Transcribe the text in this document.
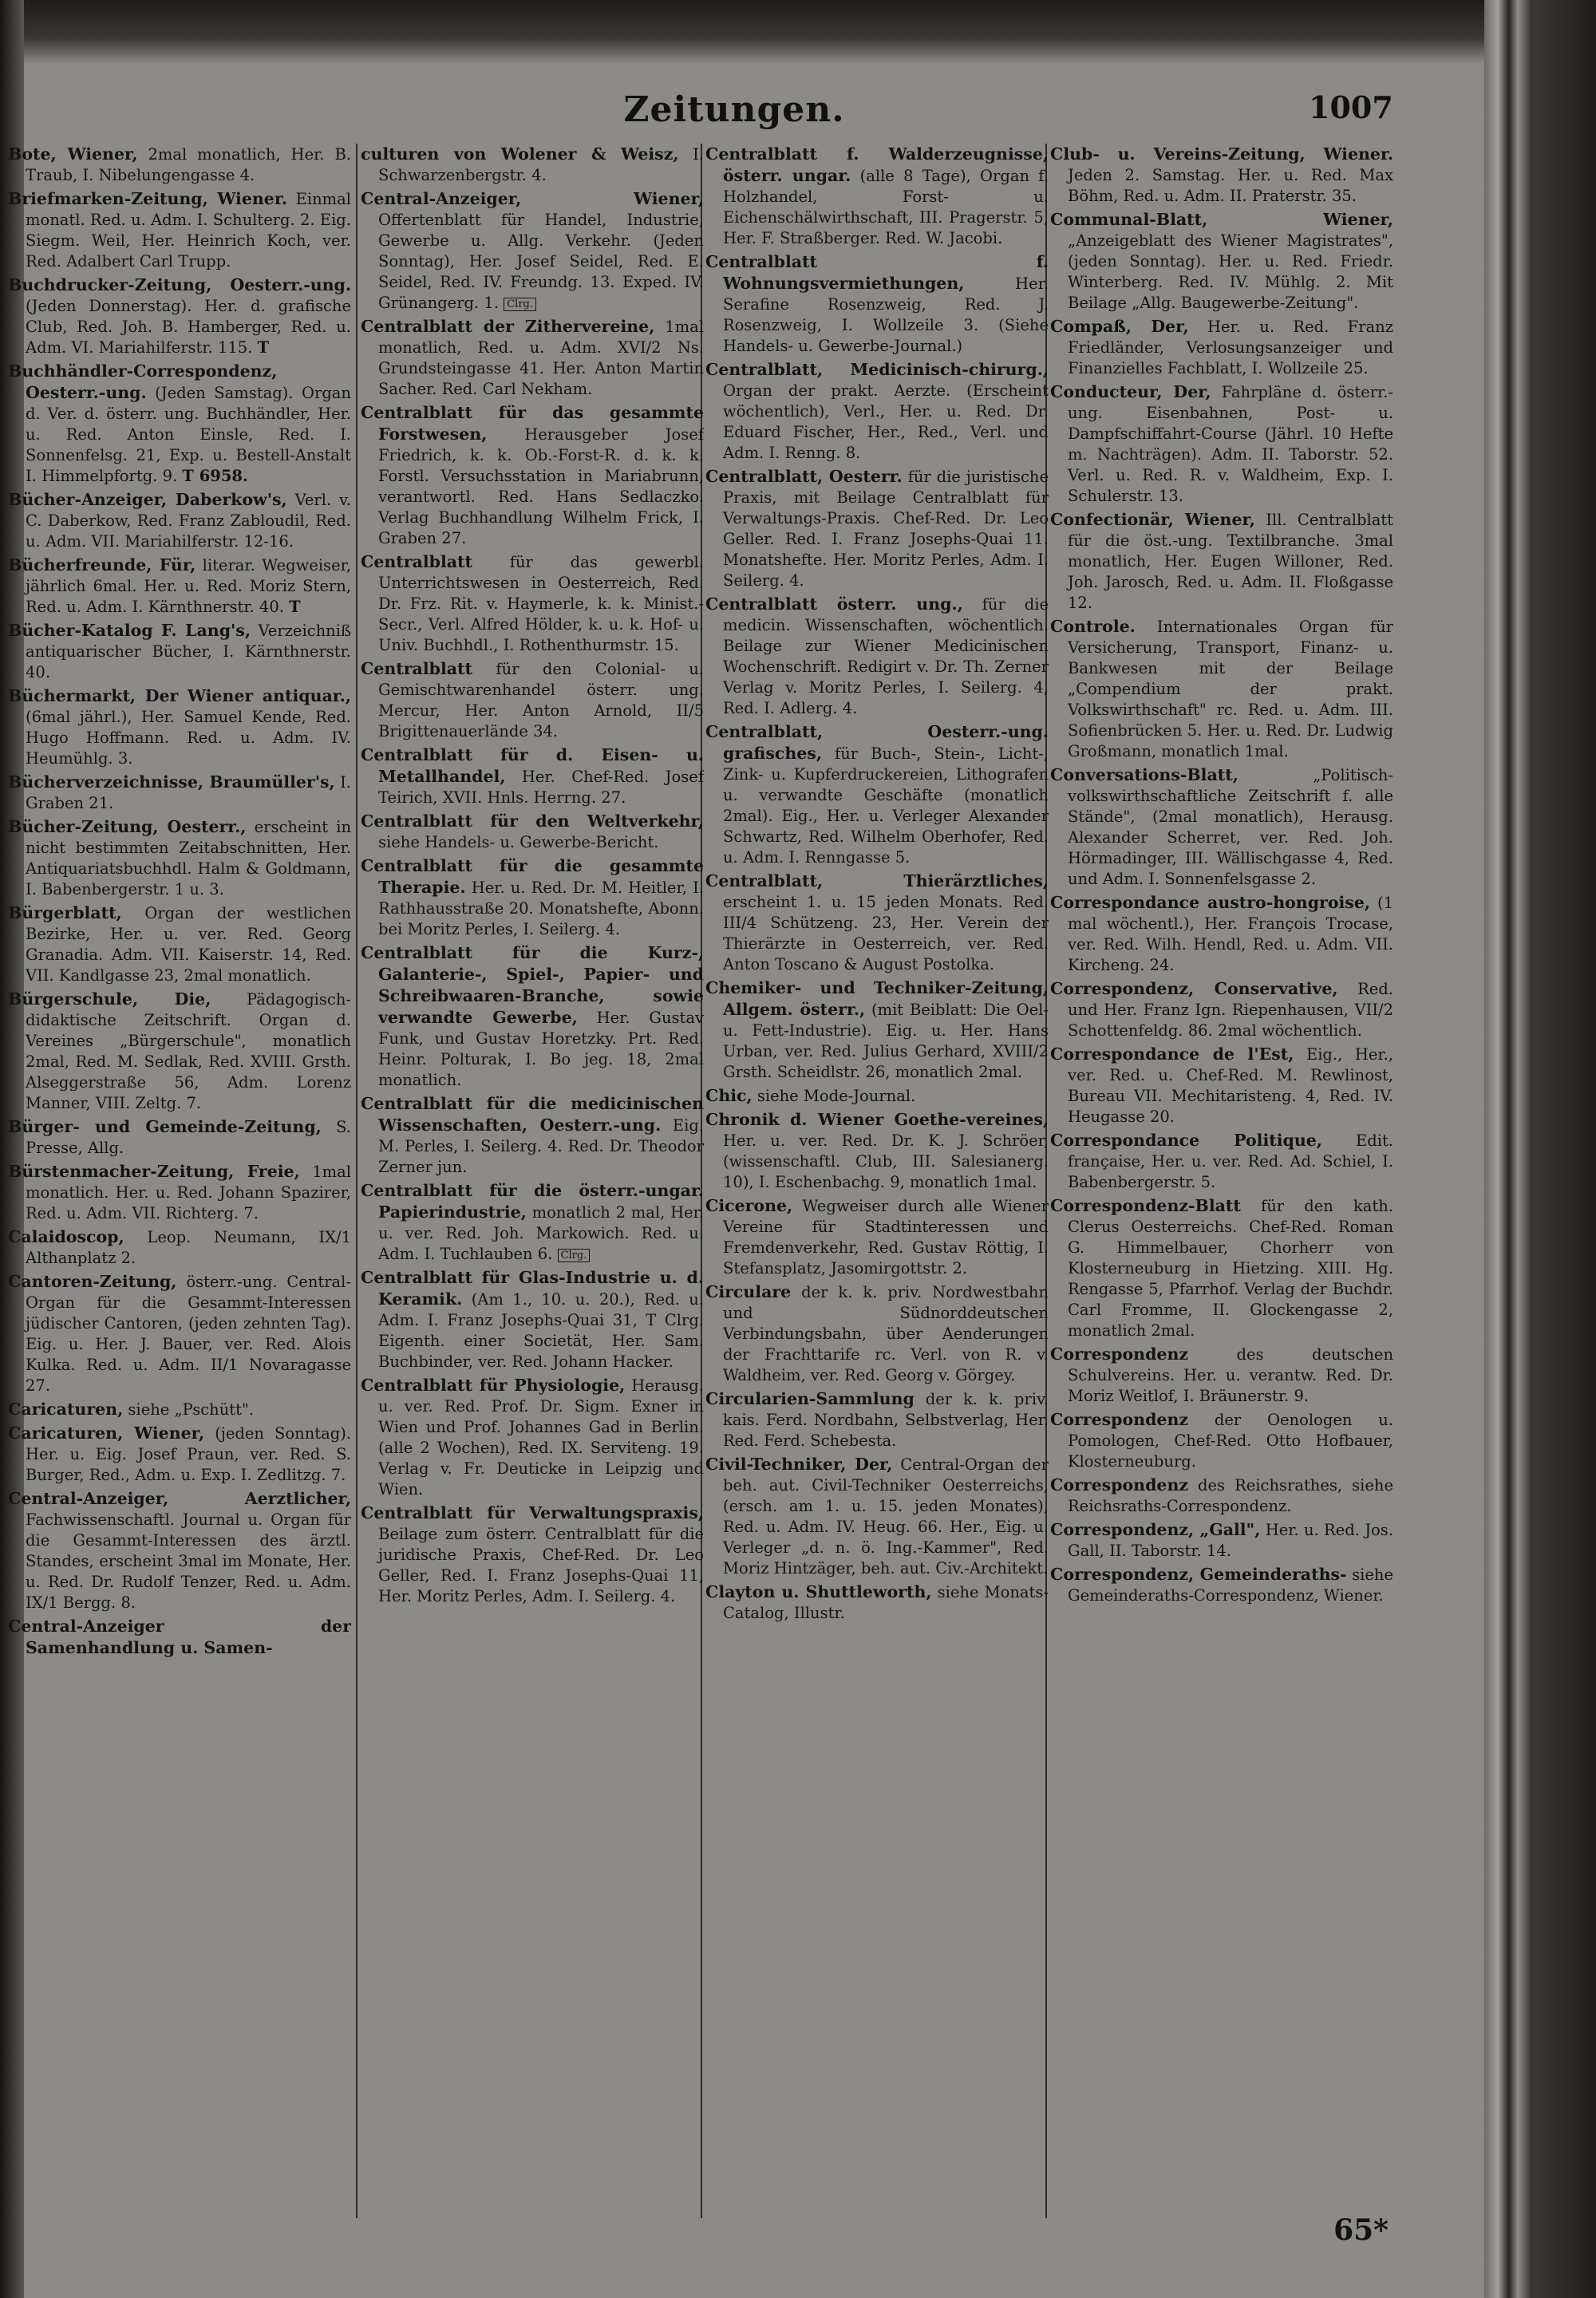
Zeitungen.	1007

Bote, Wiener, 2mal monatlich, Her. B. Traub, I. Nibelungengasse 4.

Briefmarken-Zeitung, Wiener. Einmal monatl. Red. u. Adm. I. Schulterg. 2. Eig. Siegm. Weil, Her. Heinrich Koch, ver. Red. Adalbert Carl Trupp.

Buchdrucker-Zeitung, Oesterr.-ung. (Jeden Donnerstag). Her. d. grafische Club, Red. Joh. B. Hamberger, Red. u. Adm. VI. Mariahilferstr. 115. T

Buchhändler-Correspondenz, Oesterr.-ung. (Jeden Samstag). Organ d. Ver. d. österr. ung. Buchhändler, Her. u. Red. Anton Einsle, Red. I. Sonnenfelsg. 21, Exp. u. Bestell-Anstalt I. Himmelpfortg. 9. T 6958.

Bücher-Anzeiger, Daberkow's, Verl. v. C. Daberkow, Red. Franz Zabloudil, Red. u. Adm. VII. Mariahilferstr. 12-16.

Bücherfreunde, Für, literar. Wegweiser, jährlich 6mal. Her. u. Red. Moriz Stern, Red. u. Adm. I. Kärnthnerstr. 40. T

Bücher-Katalog F. Lang's, Verzeichniß antiquarischer Bücher, I. Kärnthnerstr. 40.

Büchermarkt, Der Wiener antiquar., (6mal jährl.), Her. Samuel Kende, Red. Hugo Hoffmann. Red. u. Adm. IV. Heumühlg. 3.

Bücherverzeichnisse, Braumüller's, I. Graben 21.

Bücher-Zeitung, Oesterr., erscheint in nicht bestimmten Zeitabschnitten, Her. Antiquariatsbuchhdl. Halm & Goldmann, I. Babenbergerstr. 1 u. 3.

Bürgerblatt, Organ der westlichen Bezirke, Her. u. ver. Red. Georg Granadia. Adm. VII. Kaiserstr. 14, Red. VII. Kandlgasse 23, 2mal monatlich.

Bürgerschule, Die, Pädagogisch-didaktische Zeitschrift. Organ d. Vereines „Bürgerschule", monatlich 2mal, Red. M. Sedlak, Red. XVIII. Grsth. Alseggerstraße 56, Adm. Lorenz Manner, VIII. Zeltg. 7.

Bürger- und Gemeinde-Zeitung, S. Presse, Allg.

Bürstenmacher-Zeitung, Freie, 1mal monatlich. Her. u. Red. Johann Spazirer, Red. u. Adm. VII. Richterg. 7.

Calaidoscop, Leop. Neumann, IX/1 Althanplatz 2.

Cantoren-Zeitung, österr.-ung. Central-Organ für die Gesammt-Interessen jüdischer Cantoren, (jeden zehnten Tag). Eig. u. Her. J. Bauer, ver. Red. Alois Kulka. Red. u. Adm. II/1 Novaragasse 27.

Caricaturen, siehe „Pschütt".

Caricaturen, Wiener, (jeden Sonntag). Her. u. Eig. Josef Praun, ver. Red. S. Burger, Red., Adm. u. Exp. I. Zedlitzg. 7.

Central-Anzeiger, Aerztlicher, Fachwissenschaftl. Journal u. Organ für die Gesammt-Interessen des ärztl. Standes, erscheint 3mal im Monate, Her. u. Red. Dr. Rudolf Tenzer, Red. u. Adm. IX/1 Bergg. 8.

Central-Anzeiger der Samenhandlung u. Samen-

culturen von Wolener & Weisz, I. Schwarzenbergstr. 4.

Central-Anzeiger, Wiener, Offertenblatt für Handel, Industrie, Gewerbe u. Allg. Verkehr. (Jeden Sonntag), Her. Josef Seidel, Red. E. Seidel, Red. IV. Freundg. 13. Exped. IV. Grünangerg. 1. Clrg.

Centralblatt der Zithervereine, 1mal monatlich, Red. u. Adm. XVI/2 Ns. Grundsteingasse 41. Her. Anton Martin Sacher. Red. Carl Nekham.

Centralblatt für das gesammte Forstwesen, Herausgeber Josef Friedrich, k. k. Ob.-Forst-R. d. k. k. Forstl. Versuchsstation in Mariabrunn, verantwortl. Red. Hans Sedlaczko. Verlag Buchhandlung Wilhelm Frick, I. Graben 27.

Centralblatt für das gewerbl. Unterrichtswesen in Oesterreich, Red. Dr. Frz. Rit. v. Haymerle, k. k. Minist.-Secr., Verl. Alfred Hölder, k. u. k. Hof- u. Univ. Buchhdl., I. Rothenthurmstr. 15.

Centralblatt für den Colonial- u. Gemischtwarenhandel österr. ung. Mercur, Her. Anton Arnold, II/5 Brigittenauerlände 34.

Centralblatt für d. Eisen- u. Metallhandel, Her. Chef-Red. Josef Teirich, XVII. Hnls. Herrng. 27.

Centralblatt für den Weltverkehr, siehe Handels- u. Gewerbe-Bericht.

Centralblatt für die gesammte Therapie. Her. u. Red. Dr. M. Heitler, I. Rathhausstraße 20. Monatshefte, Abonn. bei Moritz Perles, I. Seilerg. 4.

Centralblatt für die Kurz-, Galanterie-, Spiel-, Papier- und Schreibwaaren-Branche, sowie verwandte Gewerbe, Her. Gustav Funk, und Gustav Horetzky. Prt. Red. Heinr. Polturak, I. Bo jeg. 18, 2mal monatlich.

Centralblatt für die medicinischen Wissenschaften, Oesterr.-ung. Eig. M. Perles, I. Seilerg. 4. Red. Dr. Theodor Zerner jun.

Centralblatt für die österr.-ungar. Papierindustrie, monatlich 2 mal, Her. u. ver. Red. Joh. Markowich. Red. u. Adm. I. Tuchlauben 6. Clrg.

Centralblatt für Glas-Industrie u. d. Keramik. (Am 1., 10. u. 20.), Red. u. Adm. I. Franz Josephs-Quai 31, T Clrg. Eigenth. einer Societät, Her. Sam. Buchbinder, ver. Red. Johann Hacker.

Centralblatt für Physiologie, Herausg. u. ver. Red. Prof. Dr. Sigm. Exner in Wien und Prof. Johannes Gad in Berlin. (alle 2 Wochen), Red. IX. Serviteng. 19. Verlag v. Fr. Deuticke in Leipzig und Wien.

Centralblatt für Verwaltungspraxis, Beilage zum österr. Centralblatt für die juridische Praxis, Chef-Red. Dr. Leo Geller, Red. I. Franz Josephs-Quai 11, Her. Moritz Perles, Adm. I. Seilerg. 4.

Centralblatt f. Walderzeugnisse, österr. ungar. (alle 8 Tage), Organ f. Holzhandel, Forst- u. Eichenschälwirthschaft, III. Pragerstr. 5, Her. F. Straßberger. Red. W. Jacobi.

Centralblatt f. Wohnungsvermiethungen,	Her. Serafine Rosenzweig, Red. J. Rosenzweig, I. Wollzeile 3. (Siehe Handels- u. Gewerbe-Journal.)

Centralblatt, Medicinisch-chirurg., Organ der prakt. Aerzte. (Erscheint wöchentlich), Verl., Her. u. Red. Dr. Eduard Fischer, Her., Red., Verl. und Adm. I. Renng. 8.

Centralblatt, Oesterr. für die juristische Praxis, mit Beilage Centralblatt für Verwaltungs-Praxis. Chef-Red. Dr. Leo Geller. Red. I. Franz Josephs-Quai 11. Monatshefte. Her. Moritz Perles, Adm. I. Seilerg. 4.

Centralblatt österr. ung., für die medicin. Wissenschaften, wöchentlich. Beilage zur Wiener Medicinischen Wochenschrift. Redigirt v. Dr. Th. Zerner Verlag v. Moritz Perles, I. Seilerg. 4, Red. I. Adlerg. 4.

Centralblatt, Oesterr.-ung. grafisches, für Buch-, Stein-, Licht-, Zink- u. Kupferdruckereien, Lithografen u. verwandte Geschäfte (monatlich 2mal). Eig., Her. u. Verleger Alexander Schwartz, Red. Wilhelm Oberhofer, Red. u. Adm. I. Renngasse 5.

Centralblatt, Thierärztliches, erscheint 1. u. 15 jeden Monats. Red. III/4 Schützeng. 23, Her. Verein der Thierärzte in Oesterreich, ver. Red. Anton Toscano & August Postolka.

Chemiker- und Techniker-Zeitung, Allgem. österr., (mit Beiblatt: Die Oel- u. Fett-Industrie). Eig. u. Her. Hans Urban, ver. Red. Julius Gerhard, XVIII/2 Grsth. Scheidlstr. 26, monatlich 2mal.

Chic, siehe Mode-Journal.

Chronik d. Wiener Goethe-vereines, Her. u. ver. Red. Dr. K. J. Schröer, (wissenschaftl. Club, III. Salesianerg. 10), I. Eschenbachg. 9, monatlich 1mal.

Cicerone, Wegweiser durch alle Wiener Vereine für Stadtinteressen und Fremdenverkehr, Red. Gustav Röttig, I. Stefansplatz, Jasomirgottstr. 2.

Circulare der k. k. priv. Nordwestbahn und Südnorddeutschen Verbindungsbahn, über Aenderungen der Frachttarife rc. Verl. von R. v. Waldheim, ver. Red. Georg v. Görgey.

Circularien-Sammlung der k. k. priv. kais. Ferd. Nordbahn, Selbstverlag, Her. Red. Ferd. Schebesta.

Civil-Techniker, Der, Central-Organ der beh. aut. Civil-Techniker Oesterreichs, (ersch. am 1. u. 15. jeden Monates), Red. u. Adm. IV. Heug. 66. Her., Eig. u. Verleger „d. n. ö. Ing.-Kammer", Red. Moriz Hintzäger, beh. aut. Civ.-Architekt.

Clayton u. Shuttleworth, siehe Monats-Catalog, Illustr.

Club- u. Vereins-Zeitung, Wiener. Jeden 2. Samstag. Her. u. Red. Max Böhm, Red. u. Adm. II. Praterstr. 35.

Communal-Blatt, Wiener, „Anzeigeblatt des Wiener Magistrates", (jeden Sonntag). Her. u. Red. Friedr. Winterberg. Red. IV. Mühlg. 2. Mit Beilage „Allg. Baugewerbe-Zeitung".

Compaß, Der, Her. u. Red. Franz Friedländer, Verlosungsanzeiger und Finanzielles Fachblatt, I. Wollzeile 25.

Conducteur, Der, Fahrpläne d. österr.-ung. Eisenbahnen, Post- u. Dampfschiffahrt-Course (Jährl. 10 Hefte m. Nachträgen). Adm. II. Taborstr. 52. Verl. u. Red. R. v. Waldheim, Exp. I. Schulerstr. 13.

Confectionär, Wiener, Ill. Centralblatt für die öst.-ung. Textilbranche. 3mal monatlich, Her. Eugen Willoner, Red. Joh. Jarosch, Red. u. Adm. II. Floßgasse 12.

Controle. Internationales Organ für Versicherung, Transport, Finanz- u. Bankwesen mit der Beilage „Compendium der prakt. Volkswirthschaft" rc. Red. u. Adm. III. Sofienbrücken 5. Her. u. Red. Dr. Ludwig Großmann, monatlich 1mal.

Conversations-Blatt,	„Politisch-volkswirthschaftliche Zeitschrift f. alle Stände", (2mal monatlich), Herausg. Alexander Scherret, ver. Red. Joh. Hörmadinger, III. Wällischgasse 4, Red. und Adm. I. Sonnenfelsgasse 2.

Correspondance austro-hongroise, (1 mal wöchentl.), Her. François Trocase, ver. Red. Wilh. Hendl, Red. u. Adm. VII. Kircheng. 24.

Correspondenz, Conservative, Red. und Her. Franz Ign. Riepenhausen, VII/2 Schottenfeldg. 86. 2mal wöchentlich.

Correspondance de l'Est, Eig., Her., ver. Red. u. Chef-Red. M. Rewlinost, Bureau VII. Mechitaristeng. 4, Red. IV. Heugasse 20.

Correspondance Politique, Edit. française, Her. u. ver. Red. Ad. Schiel, I. Babenbergerstr. 5.

Correspondenz-Blatt für den kath. Clerus Oesterreichs. Chef-Red. Roman G. Himmelbauer, Chorherr von Klosterneuburg in Hietzing. XIII. Hg. Rengasse 5, Pfarrhof. Verlag der Buchdr. Carl Fromme, II. Glockengasse 2, monatlich 2mal.

Correspondenz	des deutschen Schulvereins. Her. u. verantw. Red. Dr. Moriz Weitlof, I. Bräunerstr. 9.

Correspondenz der Oenologen u. Pomologen, Chef-Red. Otto Hofbauer, Klosterneuburg.

Correspondenz des Reichsrathes, siehe Reichsraths-Correspondenz.

Correspondenz, „Gall", Her. u. Red. Jos. Gall, II. Taborstr. 14.

Correspondenz, Gemeinderaths- siehe Gemeinderaths-Correspondenz, Wiener.

65*
